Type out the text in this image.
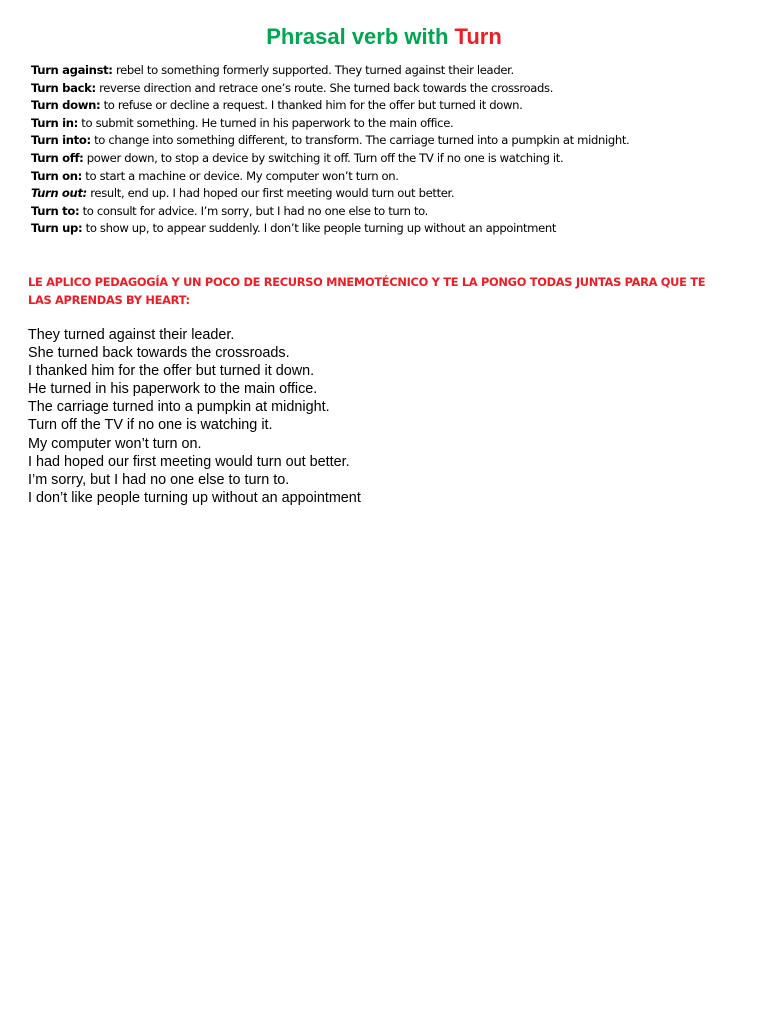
Phrasal verb with Turn
Turn against: rebel to something formerly supported. They turned against their leader.
Turn back: reverse direction and retrace one’s route. She turned back towards the crossroads.
Turn down: to refuse or decline a request. I thanked him for the offer but turned it down.
Turn in: to submit something. He turned in his paperwork to the main office.
Turn into: to change into something different, to transform. The carriage turned into a pumpkin at midnight.
Turn off: power down, to stop a device by switching it off. Turn off the TV if no one is watching it.
Turn on: to start a machine or device. My computer won’t turn on.
Turn out: result, end up. I had hoped our first meeting would turn out better.
Turn to: to consult for advice. I’m sorry, but I had no one else to turn to.
Turn up: to show up, to appear suddenly. I don’t like people turning up without an appointment

LE APLICO PEDAGOGÍA Y UN POCO DE RECURSO MNEMOTÉCNICO Y TE LA PONGO TODAS JUNTAS PARA QUE TE LAS APRENDAS BY HEART:

They turned against their leader.
She turned back towards the crossroads.
I thanked him for the offer but turned it down.
He turned in his paperwork to the main office.
The carriage turned into a pumpkin at midnight.
Turn off the TV if no one is watching it.
My computer won’t turn on.
I had hoped our first meeting would turn out better.
I’m sorry, but I had no one else to turn to.
I don’t like people turning up without an appointment
